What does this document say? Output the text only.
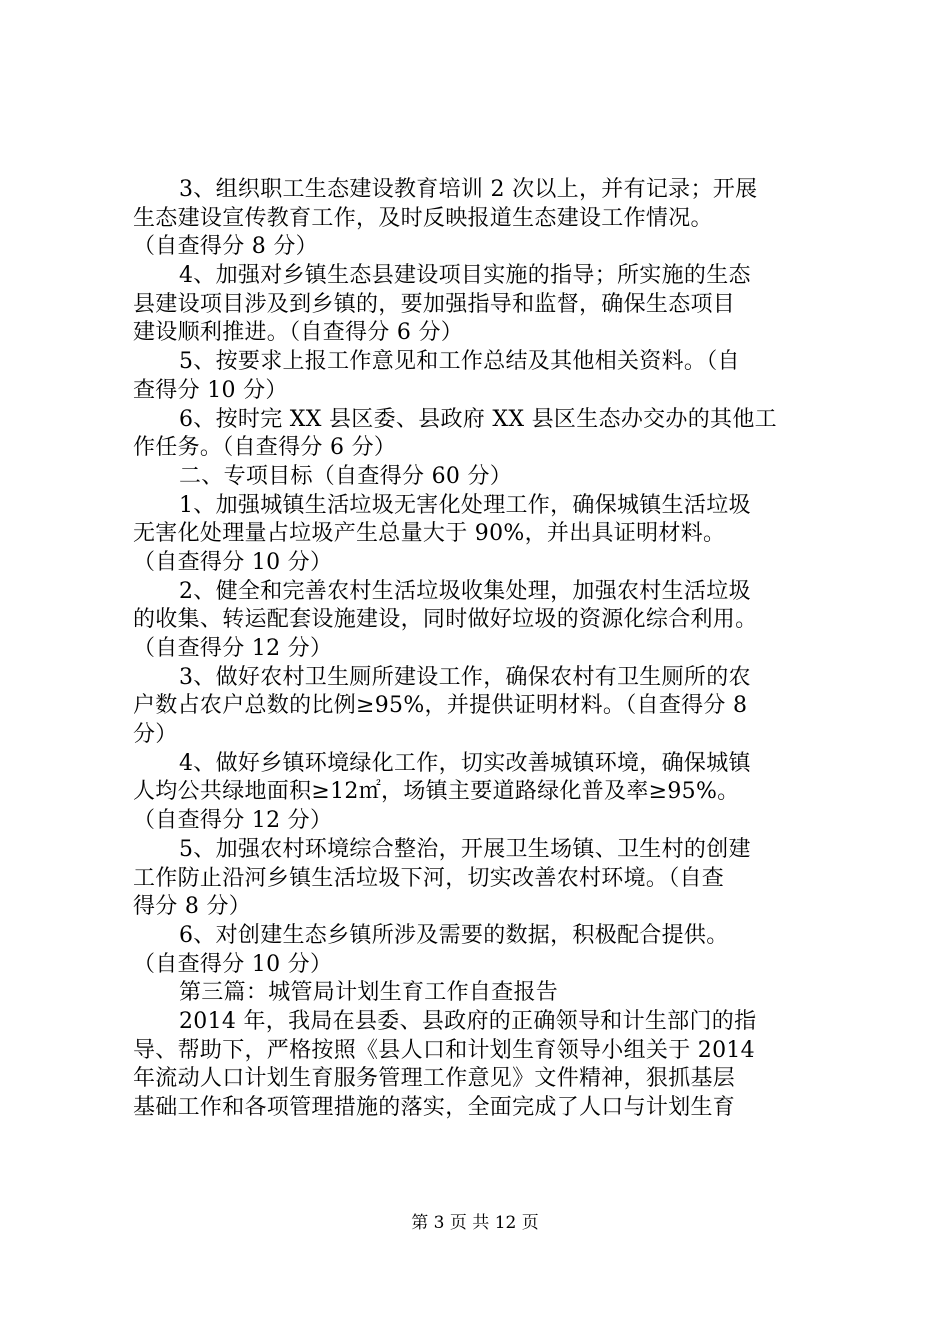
3、组织职工生态建设教育培训 2 次以上，并有记录；开展
生态建设宣传教育工作，及时反映报道生态建设工作情况。
（自查得分 8 分）
4、加强对乡镇生态县建设项目实施的指导；所实施的生态
县建设项目涉及到乡镇的，要加强指导和监督，确保生态项目
建设顺利推进。（自查得分 6 分）
5、按要求上报工作意见和工作总结及其他相关资料。（自
查得分 10 分）
6、按时完 XX 县区委、县政府 XX 县区生态办交办的其他工
作任务。（自查得分 6 分）
二、专项目标（自查得分 60 分）
1、加强城镇生活垃圾无害化处理工作，确保城镇生活垃圾
无害化处理量占垃圾产生总量大于 90%，并出具证明材料。
（自查得分 10 分）
2、健全和完善农村生活垃圾收集处理，加强农村生活垃圾
的收集、转运配套设施建设，同时做好垃圾的资源化综合利用。
（自查得分 12 分）
3、做好农村卫生厕所建设工作，确保农村有卫生厕所的农
户数占农户总数的比例≥95%，并提供证明材料。（自查得分 8
分）
4、做好乡镇环境绿化工作，切实改善城镇环境，确保城镇
人均公共绿地面积≥12㎡，场镇主要道路绿化普及率≥95%。
（自查得分 12 分）
5、加强农村环境综合整治，开展卫生场镇、卫生村的创建
工作防止沿河乡镇生活垃圾下河，切实改善农村环境。（自查
得分 8 分）
6、对创建生态乡镇所涉及需要的数据，积极配合提供。
（自查得分 10 分）
第三篇：城管局计划生育工作自查报告
2014 年，我局在县委、县政府的正确领导和计生部门的指
导、帮助下，严格按照《县人口和计划生育领导小组关于 2014
年流动人口计划生育服务管理工作意见》文件精神，狠抓基层
基础工作和各项管理措施的落实，全面完成了人口与计划生育
第 3 页 共 12 页
